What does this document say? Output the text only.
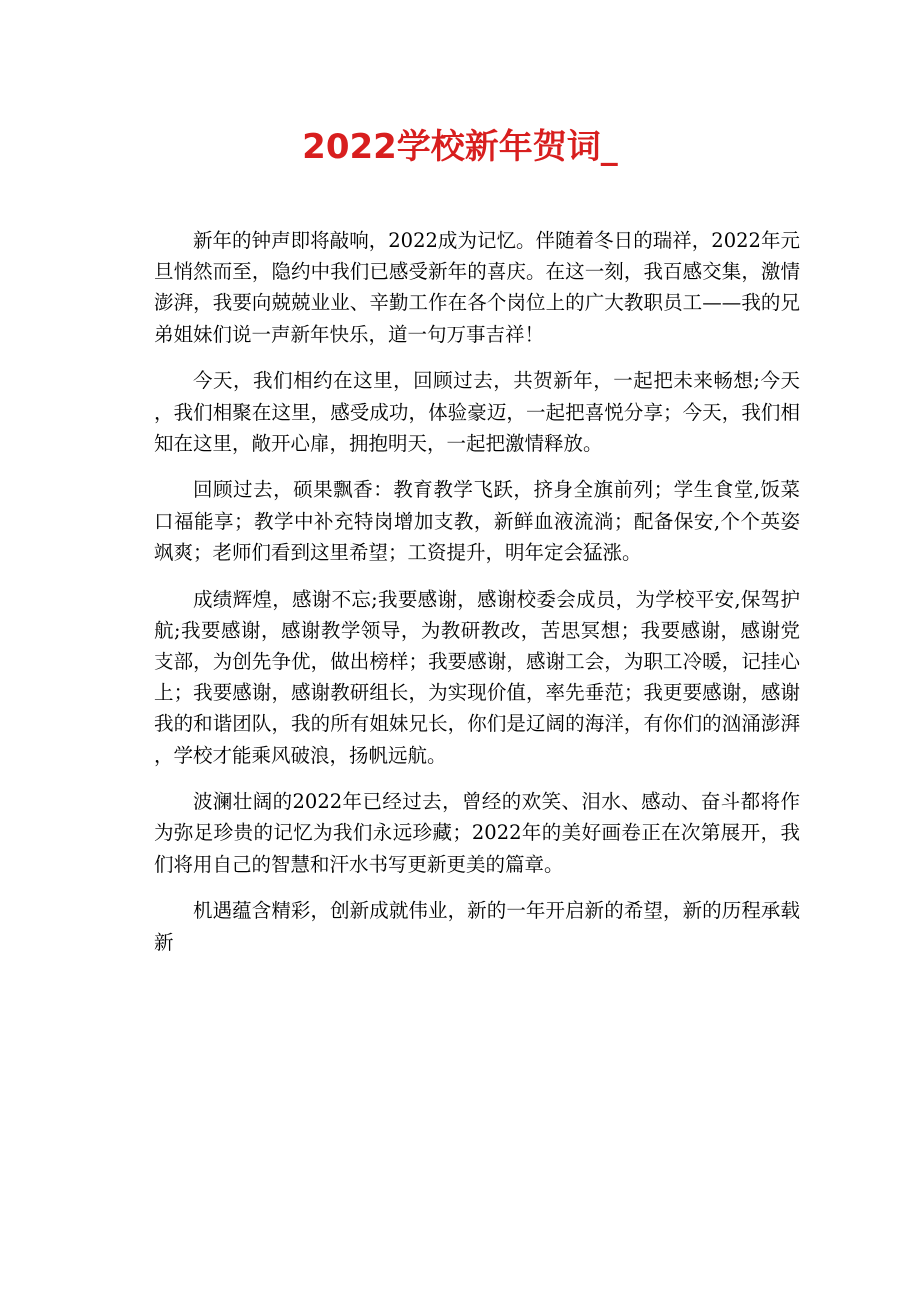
2022学校新年贺词_

新年的钟声即将敲响，2022成为记忆。伴随着冬日的瑞祥，2022年元旦悄然而至，隐约中我们已感受新年的喜庆。在这一刻，我百感交集，激情澎湃，我要向兢兢业业、辛勤工作在各个岗位上的广大教职员工——我的兄弟姐妹们说一声新年快乐，道一句万事吉祥！

今天，我们相约在这里，回顾过去，共贺新年，一起把未来畅想;今天，我们相聚在这里，感受成功，体验豪迈，一起把喜悦分享；今天，我们相知在这里，敞开心扉，拥抱明天，一起把激情释放。

回顾过去，硕果飘香：教育教学飞跃，挤身全旗前列；学生食堂,饭菜口福能享；教学中补充特岗增加支教，新鲜血液流淌；配备保安,个个英姿飒爽；老师们看到这里希望；工资提升，明年定会猛涨。

成绩辉煌，感谢不忘;我要感谢，感谢校委会成员，为学校平安,保驾护航;我要感谢，感谢教学领导，为教研教改，苦思冥想；我要感谢，感谢党支部，为创先争优，做出榜样；我要感谢，感谢工会，为职工冷暖，记挂心上；我要感谢，感谢教研组长，为实现价值，率先垂范；我更要感谢，感谢我的和谐团队，我的所有姐妹兄长，你们是辽阔的海洋，有你们的汹涌澎湃，学校才能乘风破浪，扬帆远航。

波澜壮阔的2022年已经过去，曾经的欢笑、泪水、感动、奋斗都将作为弥足珍贵的记忆为我们永远珍藏；2022年的美好画卷正在次第展开，我们将用自己的智慧和汗水书写更新更美的篇章。

机遇蕴含精彩，创新成就伟业，新的一年开启新的希望，新的历程承载新
